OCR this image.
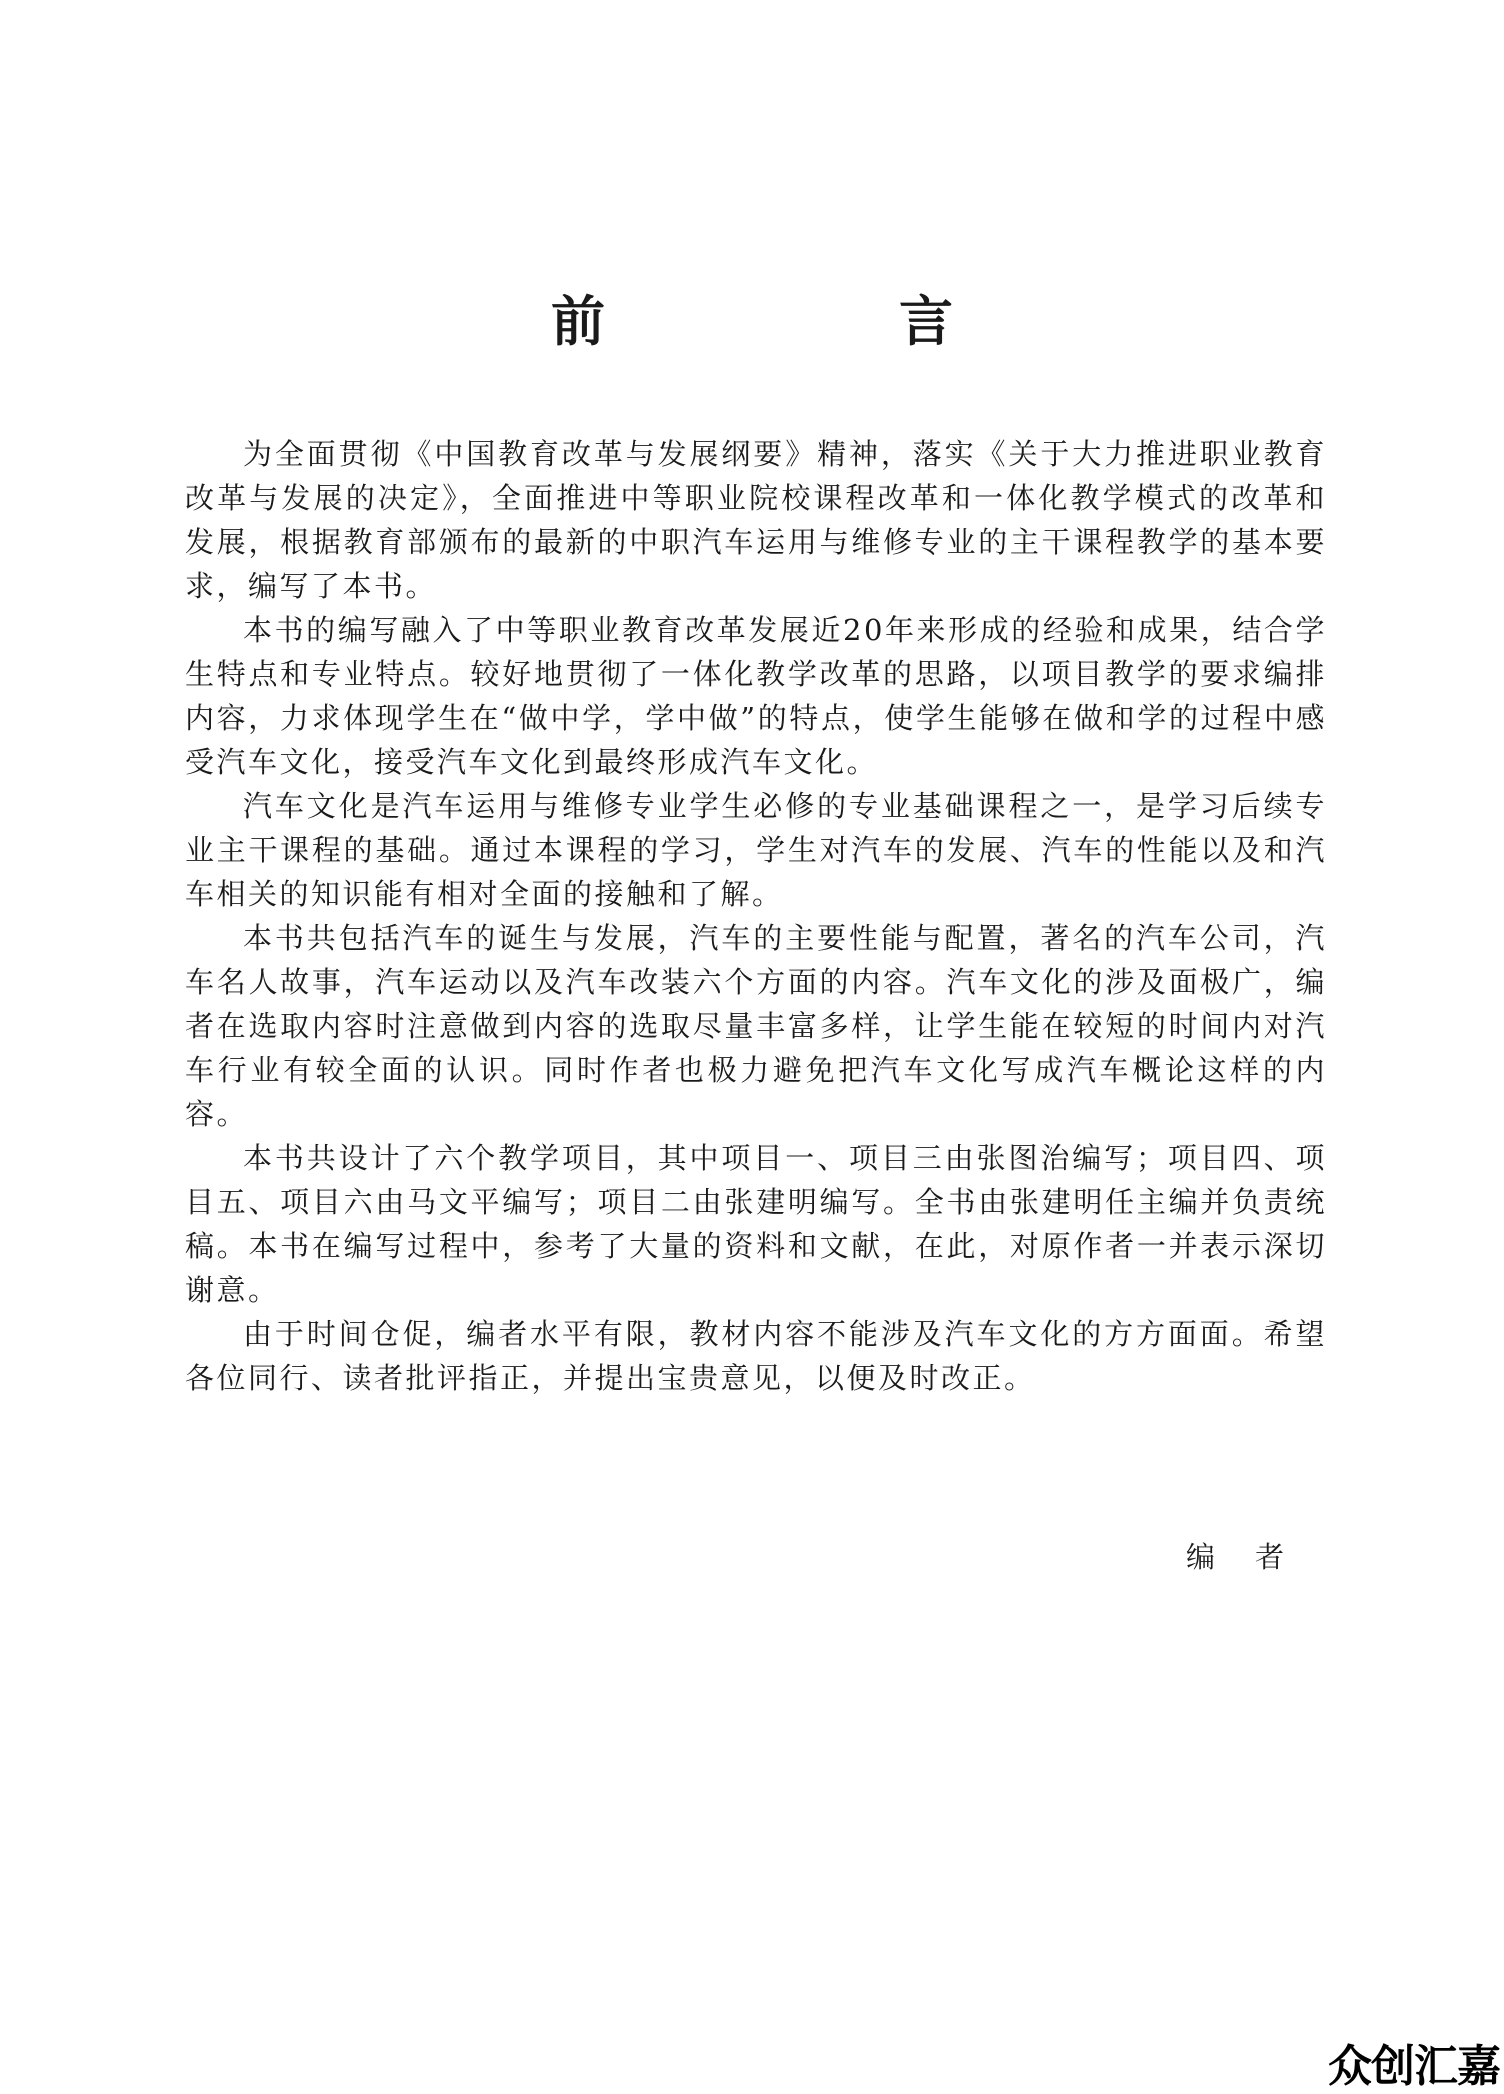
前　言

为全面贯彻《中国教育改革与发展纲要》精神，落实《关于大力推进职业教育改革与发展的决定》，全面推进中等职业院校课程改革和一体化教学模式的改革和发展，根据教育部颁布的最新的中职汽车运用与维修专业的主干课程教学的基本要求，编写了本书。

本书的编写融入了中等职业教育改革发展近20年来形成的经验和成果，结合学生特点和专业特点。较好地贯彻了一体化教学改革的思路，以项目教学的要求编排内容，力求体现学生在“做中学，学中做”的特点，使学生能够在做和学的过程中感受汽车文化，接受汽车文化到最终形成汽车文化。

汽车文化是汽车运用与维修专业学生必修的专业基础课程之一，是学习后续专业主干课程的基础。通过本课程的学习，学生对汽车的发展、汽车的性能以及和汽车相关的知识能有相对全面的接触和了解。

本书共包括汽车的诞生与发展，汽车的主要性能与配置，著名的汽车公司，汽车名人故事，汽车运动以及汽车改装六个方面的内容。汽车文化的涉及面极广，编者在选取内容时注意做到内容的选取尽量丰富多样，让学生能在较短的时间内对汽车行业有较全面的认识。同时作者也极力避免把汽车文化写成汽车概论这样的内容。

本书共设计了六个教学项目，其中项目一、项目三由张图治编写；项目四、项目五、项目六由马文平编写；项目二由张建明编写。全书由张建明任主编并负责统稿。本书在编写过程中，参考了大量的资料和文献，在此，对原作者一并表示深切谢意。

由于时间仓促，编者水平有限，教材内容不能涉及汽车文化的方方面面。希望各位同行、读者批评指正，并提出宝贵意见，以便及时改正。

编者
众创汇嘉
